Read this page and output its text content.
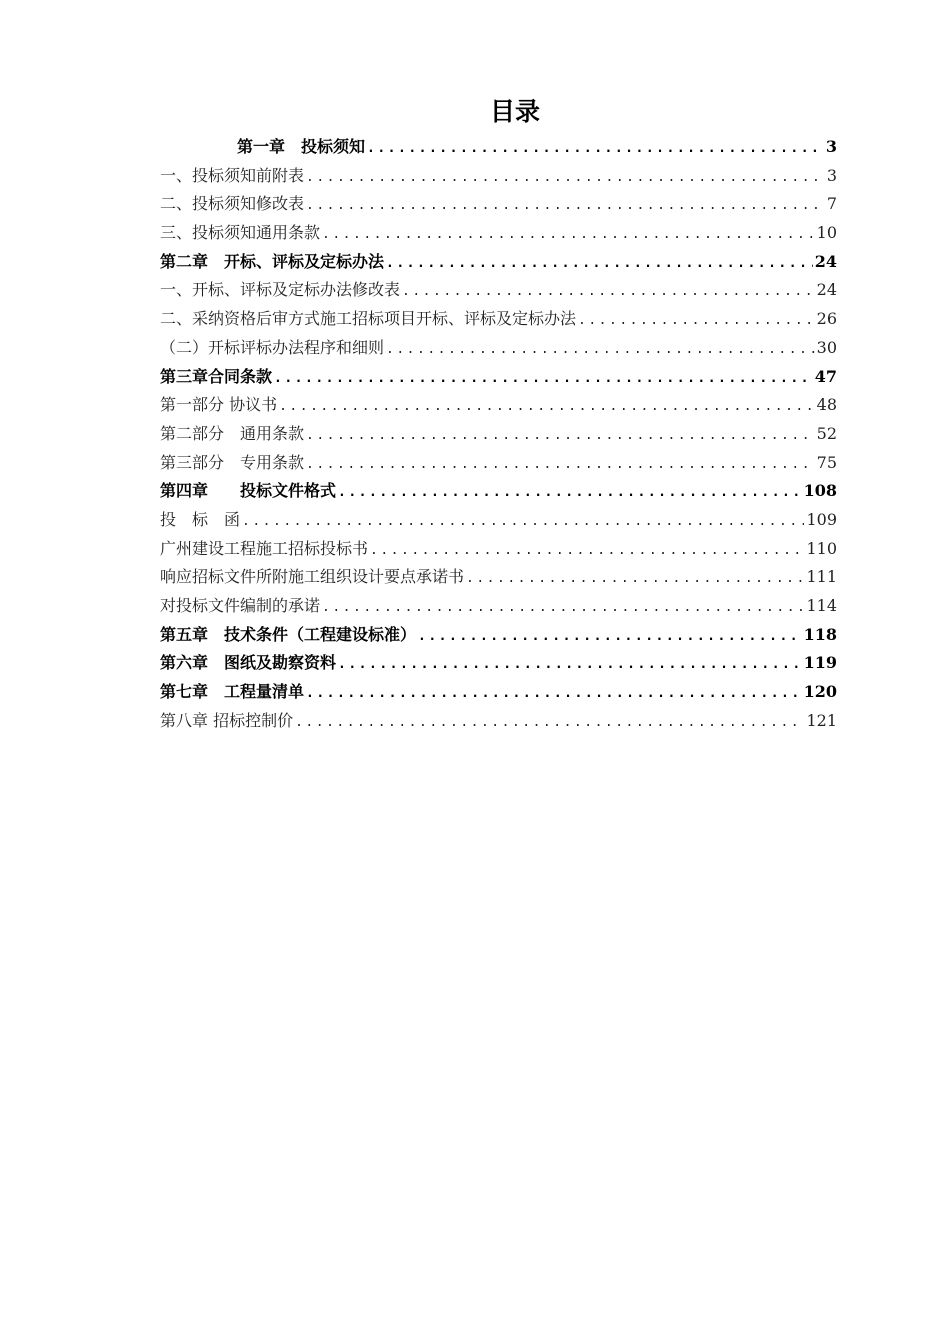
目录
第一章　投标须知 .....	3
一、投标须知前附表 .....	3
二、投标须知修改表 .....	7
三、投标须知通用条款 .....	10
第二章　开标、评标及定标办法 .....	24
一、开标、评标及定标办法修改表 .....	24
二、采纳资格后审方式施工招标项目开标、评标及定标办法 .....	26
（二）开标评标办法程序和细则 .....	30
第三章合同条款 .....	47
第一部分 协议书 .....	48
第二部分　通用条款 .....	52
第三部分　专用条款 .....	75
第四章　　投标文件格式 .....	108
投　标　函 .....	109
广州建设工程施工招标投标书 .....	110
响应招标文件所附施工组织设计要点承诺书 .....	111
对投标文件编制的承诺 .....	114
第五章　技术条件（工程建设标准） .....	118
第六章　图纸及勘察资料 .....	119
第七章　工程量清单 .....	120
第八章 招标控制价 .....	121
